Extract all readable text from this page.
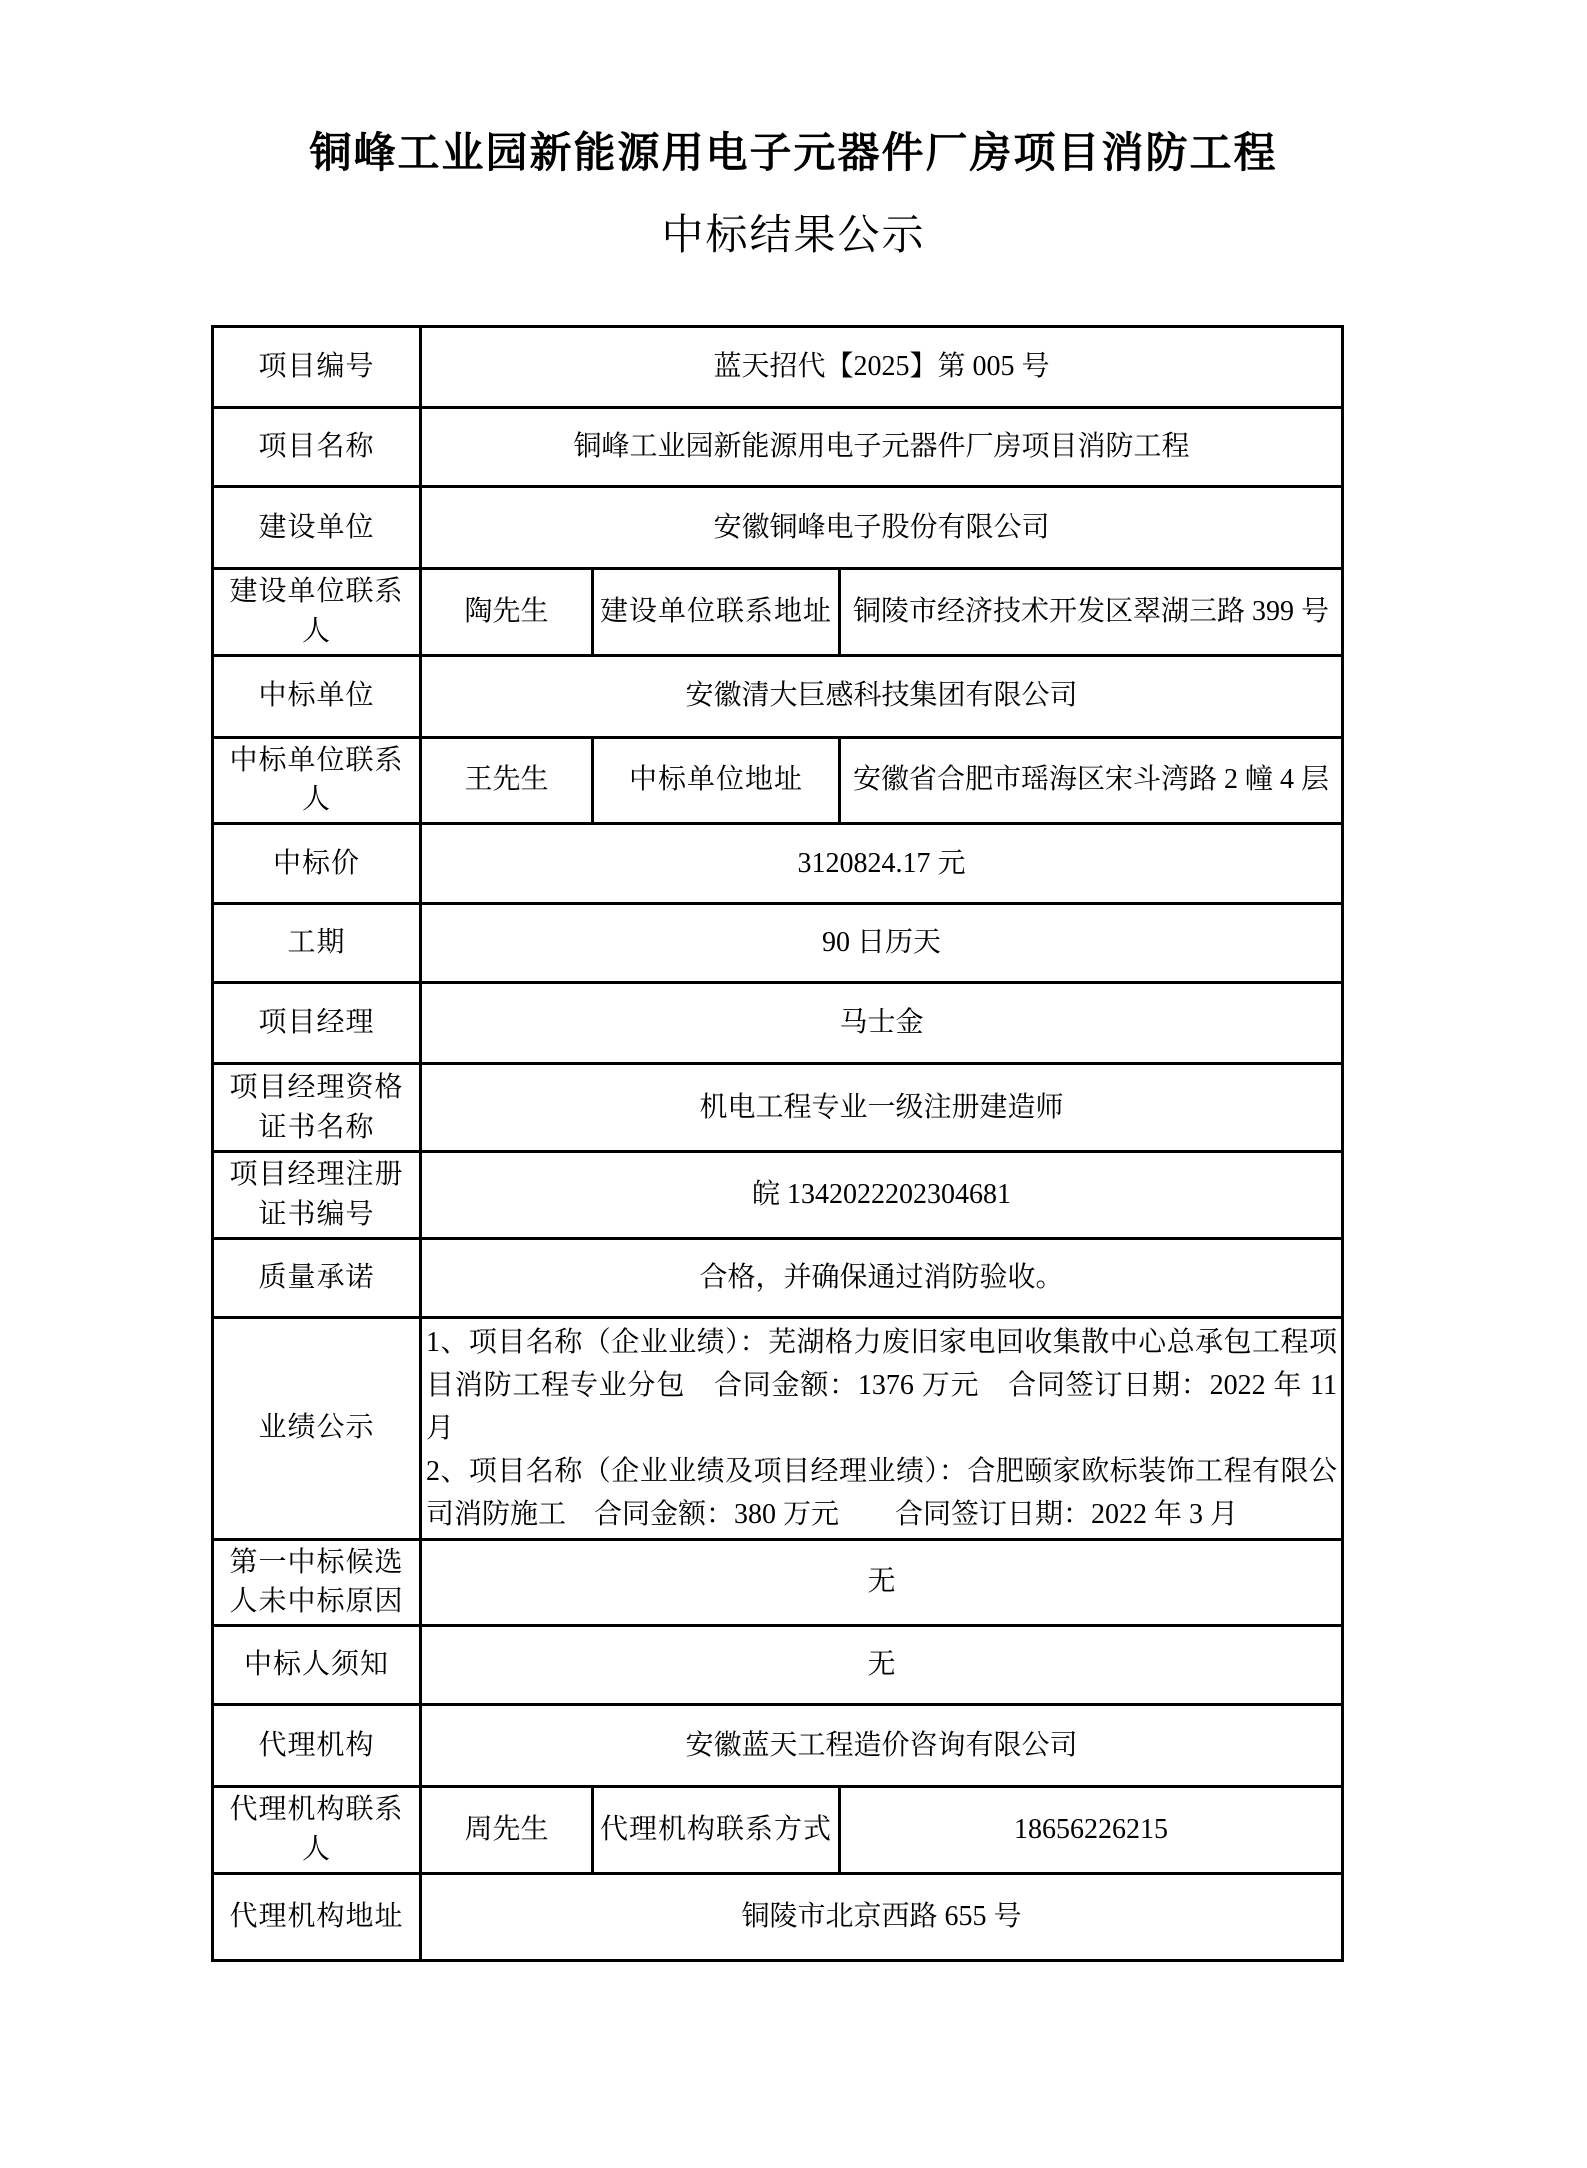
铜峰工业园新能源用电子元器件厂房项目消防工程
中标结果公示
项目编号	蓝天招代【2025】第 005 号		
项目名称	铜峰工业园新能源用电子元器件厂房项目消防工程		
建设单位	安徽铜峰电子股份有限公司		
建设单位联系人	陶先生	建设单位联系地址	铜陵市经济技术开发区翠湖三路 399 号
中标单位	安徽清大巨感科技集团有限公司		
中标单位联系人	王先生	中标单位地址	安徽省合肥市瑶海区宋斗湾路 2 幢 4 层
中标价	3120824.17 元		
工期	90 日历天		
项目经理	马士金		
项目经理资格证书名称	机电工程专业一级注册建造师		
项目经理注册证书编号	皖 1342022202304681		
质量承诺	合格，并确保通过消防验收。		
业绩公示	1、项目名称（企业业绩）：芜湖格力废旧家电回收集散中心总承包工程项目消防工程专业分包　合同金额：1376 万元　合同签订日期：2022 年 11 月
2、项目名称（企业业绩及项目经理业绩）：合肥颐家欧标装饰工程有限公司消防施工　合同金额：380 万元　　合同签订日期：2022 年 3 月		

第一中标候选人未中标原因	无		
中标人须知	无		
代理机构	安徽蓝天工程造价咨询有限公司		
代理机构联系人	周先生	代理机构联系方式	18656226215
代理机构地址	铜陵市北京西路 655 号		
